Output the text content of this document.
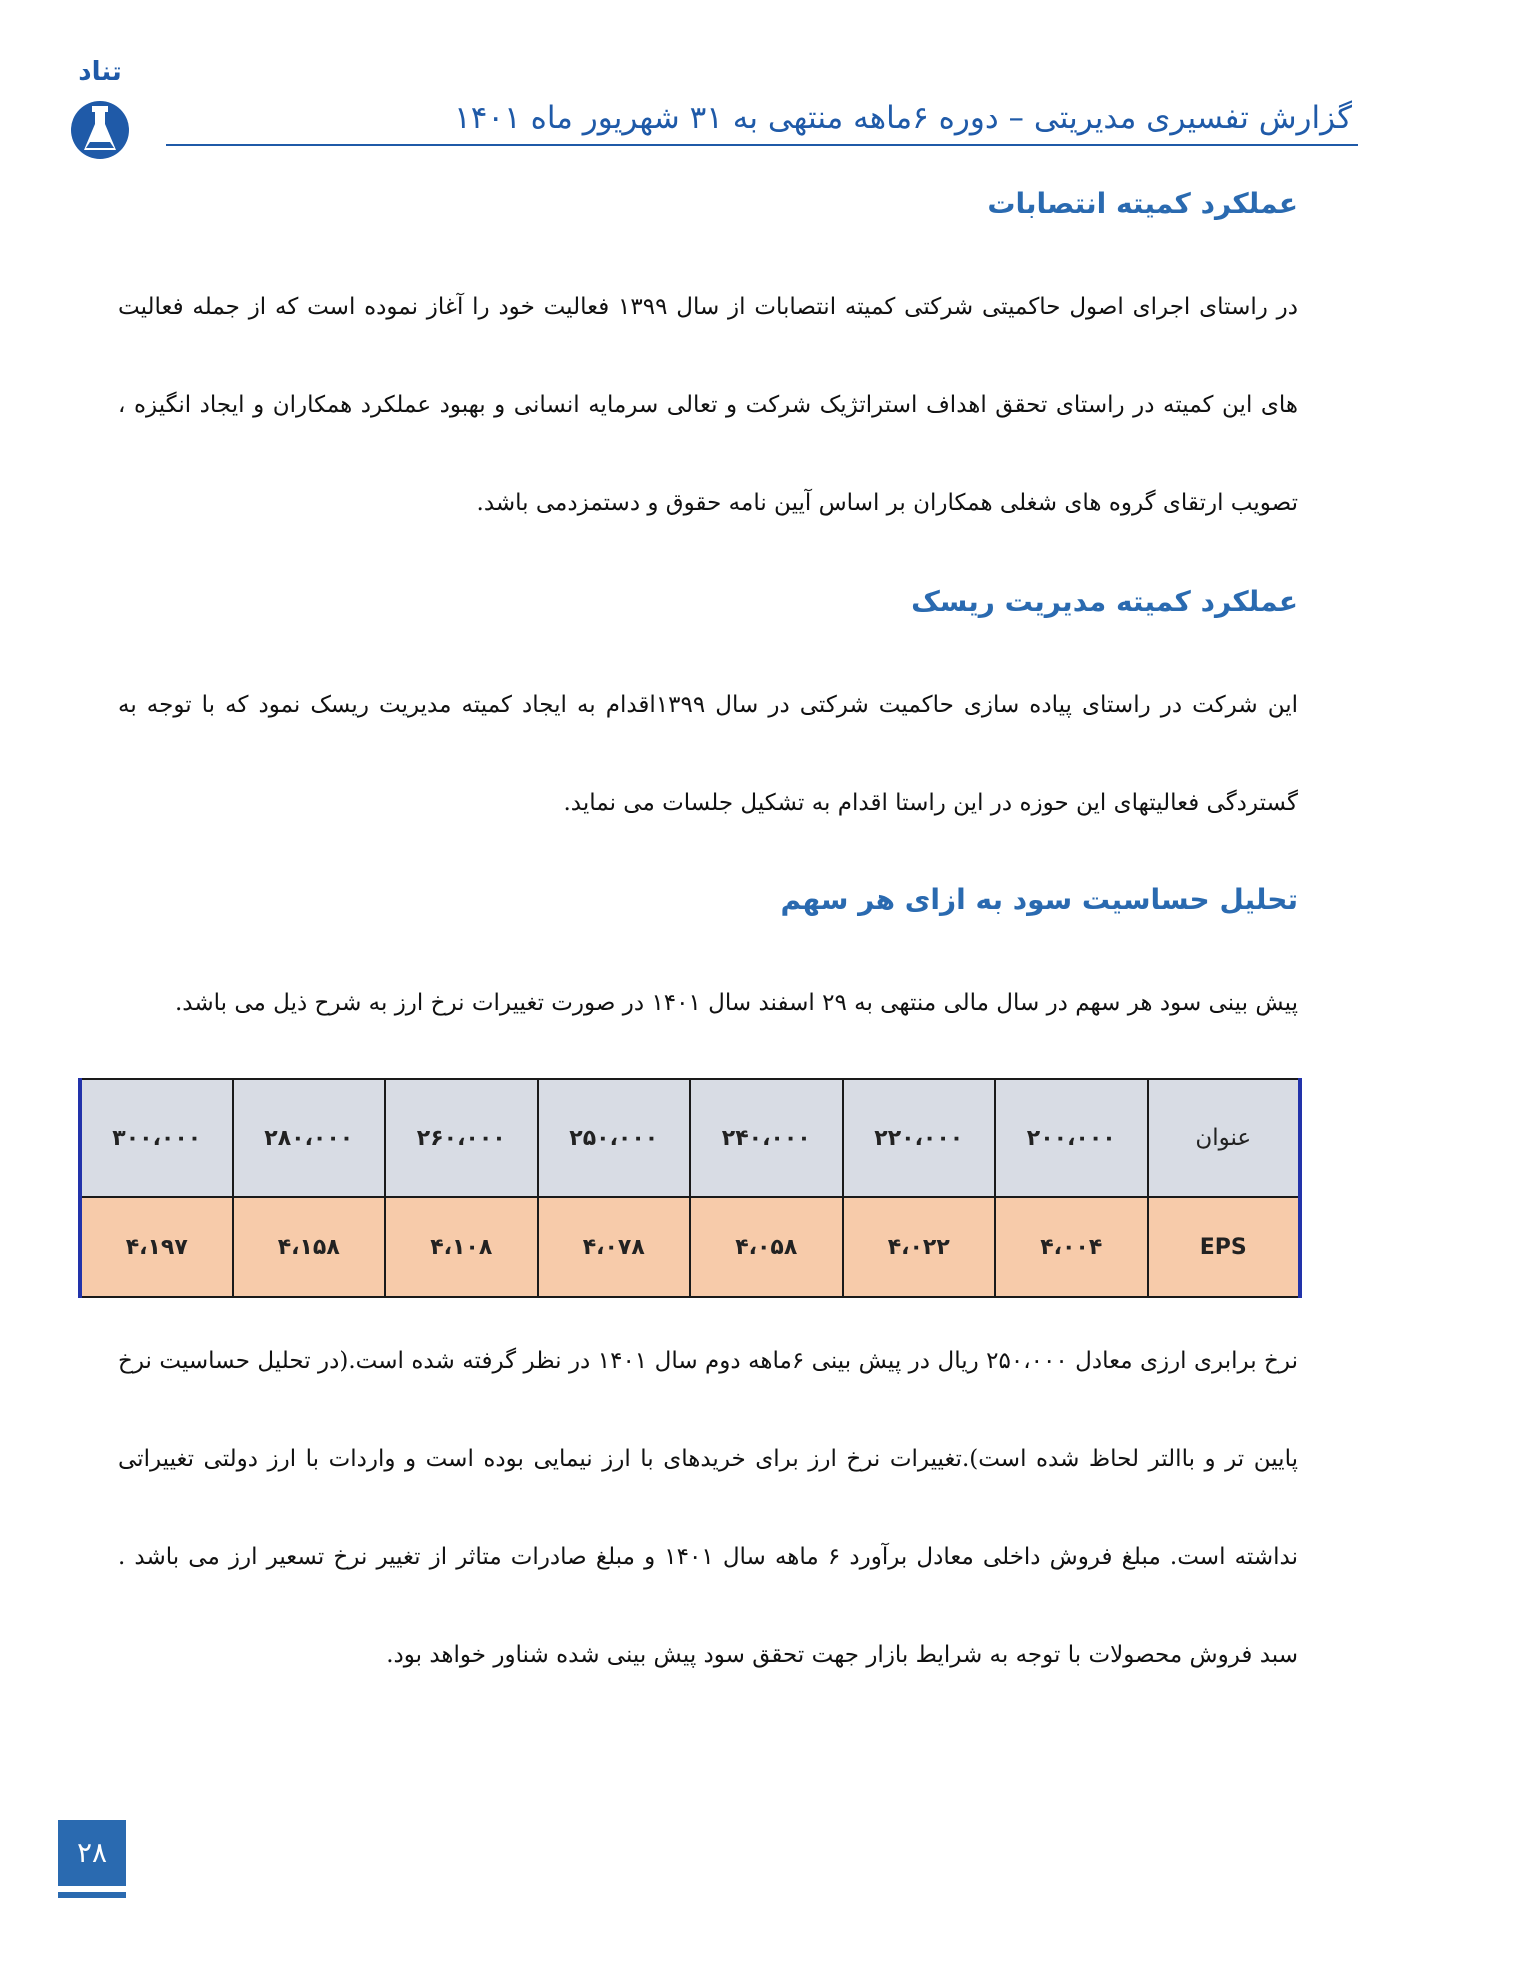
تناد
گزارش تفسیری مدیریتی – دوره ۶ماهه منتهی به ۳۱ شهریور ماه ۱۴۰۱
عملکرد کمیته انتصابات
در راستای اجرای اصول حاکمیتی شرکتی کمیته انتصابات از سال ۱۳۹۹ فعالیت خود را آغاز نموده است که از جمله فعالیت های این کمیته در راستای تحقق اهداف استراتژیک شرکت و تعالی سرمایه انسانی و بهبود عملکرد همکاران و ایجاد انگیزه ، تصویب ارتقای گروه های شغلی همکاران بر اساس آیین نامه حقوق و دستمزدمی باشد.
عملکرد کمیته مدیریت ریسک
این شرکت در راستای پیاده سازی حاکمیت شرکتی در سال ۱۳۹۹اقدام به ایجاد کمیته مدیریت ریسک نمود که با توجه به گستردگی فعالیتهای این حوزه در این راستا اقدام به تشکیل جلسات می نماید.
تحلیل حساسیت سود به ازای هر سهم
پیش بینی سود هر سهم در سال مالی منتهی به ۲۹ اسفند سال ۱۴۰۱ در صورت تغییرات نرخ ارز به شرح ذیل می باشد.
عنوان	۲۰۰،۰۰۰	۲۲۰،۰۰۰	۲۴۰،۰۰۰	۲۵۰،۰۰۰	۲۶۰،۰۰۰	۲۸۰،۰۰۰	۳۰۰،۰۰۰
EPS	۴،۰۰۴	۴،۰۲۲	۴،۰۵۸	۴،۰۷۸	۴،۱۰۸	۴،۱۵۸	۴،۱۹۷
نرخ برابری ارزی معادل ۲۵۰،۰۰۰ ریال در پیش بینی ۶ماهه دوم سال ۱۴۰۱ در نظر گرفته شده است.(در تحلیل حساسیت نرخ پایین تر و باالتر لحاظ شده است).تغییرات نرخ ارز برای خریدهای با ارز نیمایی بوده است و واردات با ارز دولتی تغییراتی نداشته است. مبلغ فروش داخلی معادل برآورد ۶ ماهه سال ۱۴۰۱ و مبلغ صادرات متاثر از تغییر نرخ تسعیر ارز می باشد . سبد فروش محصولات با توجه به شرایط بازار جهت تحقق سود پیش بینی شده شناور خواهد بود.
۲۸
